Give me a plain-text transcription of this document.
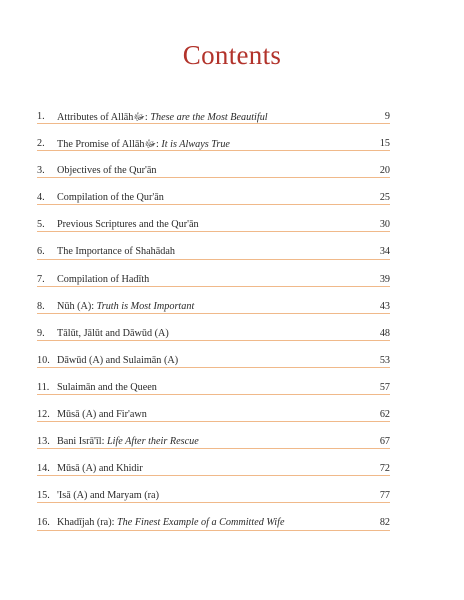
Contents
1. Attributes of Allāhﷻ: These are the Most Beautiful	9
2. The Promise of Allāhﷻ: It is Always True	15
3. Objectives of the Qur'ān	20
4. Compilation of the Qur'ān	25
5. Previous Scriptures and the Qur'ān	30
6. The Importance of Shahādah	34
7. Compilation of Hadīth	39
8. Nūh (A): Truth is Most Important	43
9. Tālūt, Jālūt and Dāwūd (A)	48
10. Dāwūd (A) and Sulaimān (A)	53
11. Sulaimān and the Queen	57
12. Mūsā (A) and Fir'awn	62
13. Bani Isrā'īl: Life After their Rescue	67
14. Mūsā (A) and Khidir	72
15. 'Isā (A) and Maryam (ra)	77
16. Khadījah (ra): The Finest Example of a Committed Wife	82
